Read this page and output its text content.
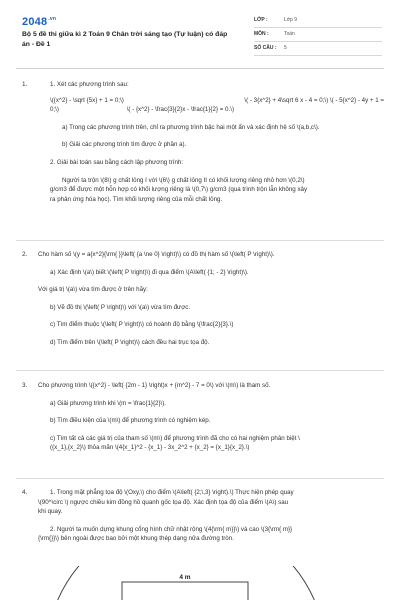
$2048^{.vn}$
Bộ 5 đề thi giữa kì 2 Toán 9 Chân trời sáng tạo (Tự luận) có đáp án - Đề 1
LỚP :	Lớp 9
MÔN :	Toán
SỐ CÂU :	5
1.	1. Xét các phương trình sau:
\({x^2} - \sqrt {5x} + 1 = 0;\)	\( - 3{x^2} + 4\sqrt 6 x - 4 = 0;\) \( - 5{x^2} - 4y + 1 =
0;\)	\( - {x^2} - \frac{3}{2}x - \frac{1}{2} = 0.\)
a) Trong các phương trình trên, chỉ ra phương trình bậc hai một ẩn và xác định hệ số \(a,b,c\).
b) Giải các phương trình tìm được ở phần a).
2. Giải bài toán sau bằng cách lập phương trình:
Người ta trộn \(8\) g chất lỏng I với \(6\) g chất lỏng II có khối lượng riêng nhỏ hơn \(0,2\)
g/cm3 để được một hỗn hợp có khối lượng riêng là \(0,7\) g/cm3 (qua trình trộn lẫn không xảy
ra phản ứng hóa học). Tìm khối lượng riêng của mỗi chất lỏng.
2. Cho hàm số \(y = a{x^2}{\rm{ }}\left( {a \ne 0} \right)\) có đồ thị hàm số \(\left( P \right)\).
a) Xác định \(a\) biết \(\left( P \right)\) đi qua điểm \(A\left( {1; - 2} \right)\).
Với giá trị \(a\) vừa tìm được ở trên hãy:
b) Vẽ đồ thị \(\left( P \right)\) với \(a\) vừa tìm được.
c) Tìm điểm thuộc \(\left( P \right)\) có hoành độ bằng \(\frac{2}{3}.\)
d) Tìm điểm trên \(\left( P \right)\) cách đều hai trục tọa độ.
3. Cho phương trình \({x^2} - \left( {2m - 1} \right)x + {m^2} - 7 = 0\) với \(m\) là tham số.
a) Giải phương trình khi \(m = \frac{1}{2}\).
b) Tìm điều kiện của \(m\) để phương trình có nghiệm kép.
c) Tìm tất cả các giá trị của tham số \(m\) để phương trình đã cho có hai nghiệm phân biệt \
({x_1},{x_2}\) thỏa mãn \(4{x_1}^2 - {x_1} - 3x_2^2 + {x_2} = {x_1}{x_2}.\)
4.	1. Trong mặt phẳng tọa độ \(Oxy,\) cho điểm \(A\left( {2;\,3} \right).\) Thực hiện phép quay
\(90^\circ \) ngược chiều kim đồng hồ quanh gốc tọa độ. Xác định tọa độ của điểm \(A\) sau
khi quay.
2. Người ta muốn dựng khung cổng hình chữ nhật rộng \(4{\rm{ m}}\) và cao \(3{\rm{ m}}
{\rm{}}\) bên ngoài được bao bởi một khung thép dạng nửa đường tròn.
4 m
